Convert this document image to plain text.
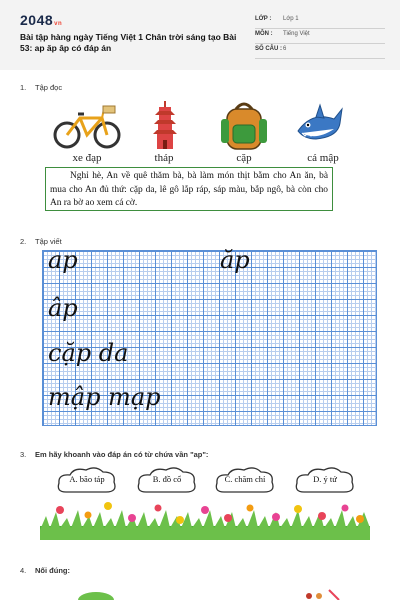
2048vn
Bài tập hàng ngày Tiếng Việt 1 Chân trời sáng tạo Bài 53: ap ăp âp có đáp án
LỚP : Lớp 1
MÔN : Tiếng Việt
SỐ CÂU : 6
1. Tập đọc
xe đạp	tháp	cặp	cá mập
Nghỉ hè, An về quê thăm bà, bà làm món thịt bằm cho An ăn, bà mua cho An đủ thứ: cặp da, lê gô lắp ráp, sáp màu, bắp ngô, bà còn cho An ra bờ ao xem cá cờ.
2. Tập viết
ap	ăp
âp
cặp da
mập mạp
3. Em hãy khoanh vào đáp án có từ chứa vần "ap":
A. bão táp	B. đồ cổ	C. chăm chỉ	D. ý tứ
4. Nối đúng:
